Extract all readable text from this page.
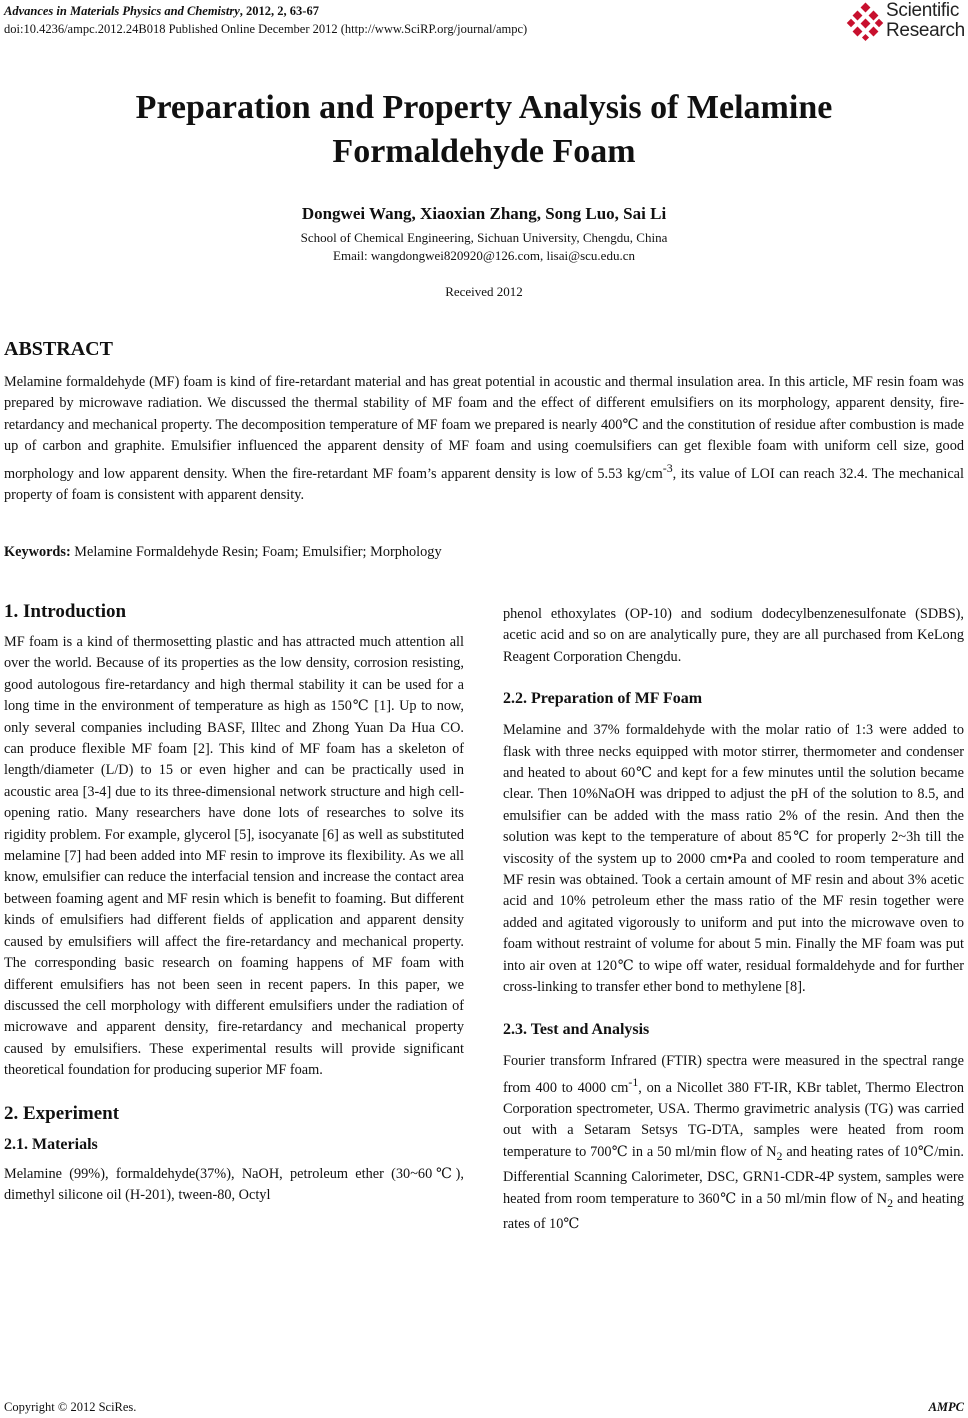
Advances in Materials Physics and Chemistry, 2012, 2, 63-67
doi:10.4236/ampc.2012.24B018 Published Online December 2012 (http://www.SciRP.org/journal/ampc)
Scientific
Research
Preparation and Property Analysis of Melamine
Formaldehyde Foam
Dongwei Wang, Xiaoxian Zhang, Song Luo, Sai Li
School of Chemical Engineering, Sichuan University, Chengdu, China
Email: wangdongwei820920@126.com, lisai@scu.edu.cn
Received 2012
ABSTRACT

Melamine formaldehyde (MF) foam is kind of fire-retardant material and has great potential in acoustic and thermal insulation area. In this article, MF resin foam was prepared by microwave radiation. We discussed the thermal stability of MF foam and the effect of different emulsifiers on its morphology, apparent density, fire-retardancy and mechanical property. The decomposition temperature of MF foam we prepared is nearly 400℃ and the constitution of residue after combustion is made up of carbon and graphite. Emulsifier influenced the apparent density of MF foam and using coemulsifiers can get flexible foam with uniform cell size, good morphology and low apparent density. When the fire-retardant MF foam’s apparent density is low of 5.53 $kg/cm^{-3}$, its value of LOI can reach 32.4. The mechanical property of foam is consistent with apparent density.

Keywords: Melamine Formaldehyde Resin; Foam; Emulsifier; Morphology
1. Introduction

MF foam is a kind of thermosetting plastic and has attracted much attention all over the world. Because of its properties as the low density, corrosion resisting, good autologous fire-retardancy and high thermal stability it can be used for a long time in the environment of temperature as high as 150℃ [1]. Up to now, only several companies including BASF, Illtec and Zhong Yuan Da Hua CO. can produce flexible MF foam [2]. This kind of MF foam has a skeleton of length/diameter (L/D) to 15 or even higher and can be practically used in acoustic area [3-4] due to its three-dimensional network structure and high cell-opening ratio. Many researchers have done lots of researches to solve its rigidity problem. For example, glycerol [5], isocyanate [6] as well as substituted melamine [7] had been added into MF resin to improve its flexibility. As we all know, emulsifier can reduce the interfacial tension and increase the contact area between foaming agent and MF resin which is benefit to foaming. But different kinds of emulsifiers had different fields of application and apparent density caused by emulsifiers will affect the fire-retardancy and mechanical property. The corresponding basic research on foaming happens of MF foam with different emulsifiers has not been seen in recent papers. In this paper, we discussed the cell morphology with different emulsifiers under the radiation of microwave and apparent density, fire-retardancy and mechanical property caused by emulsifiers. These experimental results will provide significant theoretical foundation for producing superior MF foam.

2. Experiment
2.1. Materials

Melamine (99%), formaldehyde(37%), NaOH, petroleum ether (30~60℃), dimethyl silicone oil (H-201), tween-80, Octyl

phenol ethoxylates (OP-10) and sodium dodecylbenzenesulfonate (SDBS), acetic acid and so on are analytically pure, they are all purchased from KeLong Reagent Corporation Chengdu.

2.2. Preparation of MF Foam

Melamine and 37% formaldehyde with the molar ratio of 1:3 were added to flask with three necks equipped with motor stirrer, thermometer and condenser and heated to about 60℃ and kept for a few minutes until the solution became clear. Then 10%NaOH was dripped to adjust the pH of the solution to 8.5, and emulsifier can be added with the mass ratio 2% of the resin. And then the solution was kept to the temperature of about 85℃ for properly 2~3h till the viscosity of the system up to 2000 cm•Pa and cooled to room temperature and MF resin was obtained. Took a certain amount of MF resin and about 3% acetic acid and 10% petroleum ether the mass ratio of the MF resin together were added and agitated vigorously to uniform and put into the microwave oven to foam without restraint of volume for about 5 min. Finally the MF foam was put into air oven at 120℃ to wipe off water, residual formaldehyde and for further cross-linking to transfer ether bond to methylene [8].

2.3. Test and Analysis

Fourier transform Infrared (FTIR) spectra were measured in the spectral range from 400 to 4000 $cm^{-1}$, on a Nicollet 380 FT-IR, KBr tablet, Thermo Electron Corporation spectrometer, USA. Thermo gravimetric analysis (TG) was carried out with a Setaram Setsys TG-DTA, samples were heated from room temperature to 700℃ in a 50 ml/min flow of $N_2$ and heating rates of 10℃/min. Differential Scanning Calorimeter, DSC, GRN1-CDR-4P system, samples were heated from room temperature to 360℃ in a 50 ml/min flow of $N_2$ and heating rates of 10℃

Copyright © 2012 SciRes.	AMPC
